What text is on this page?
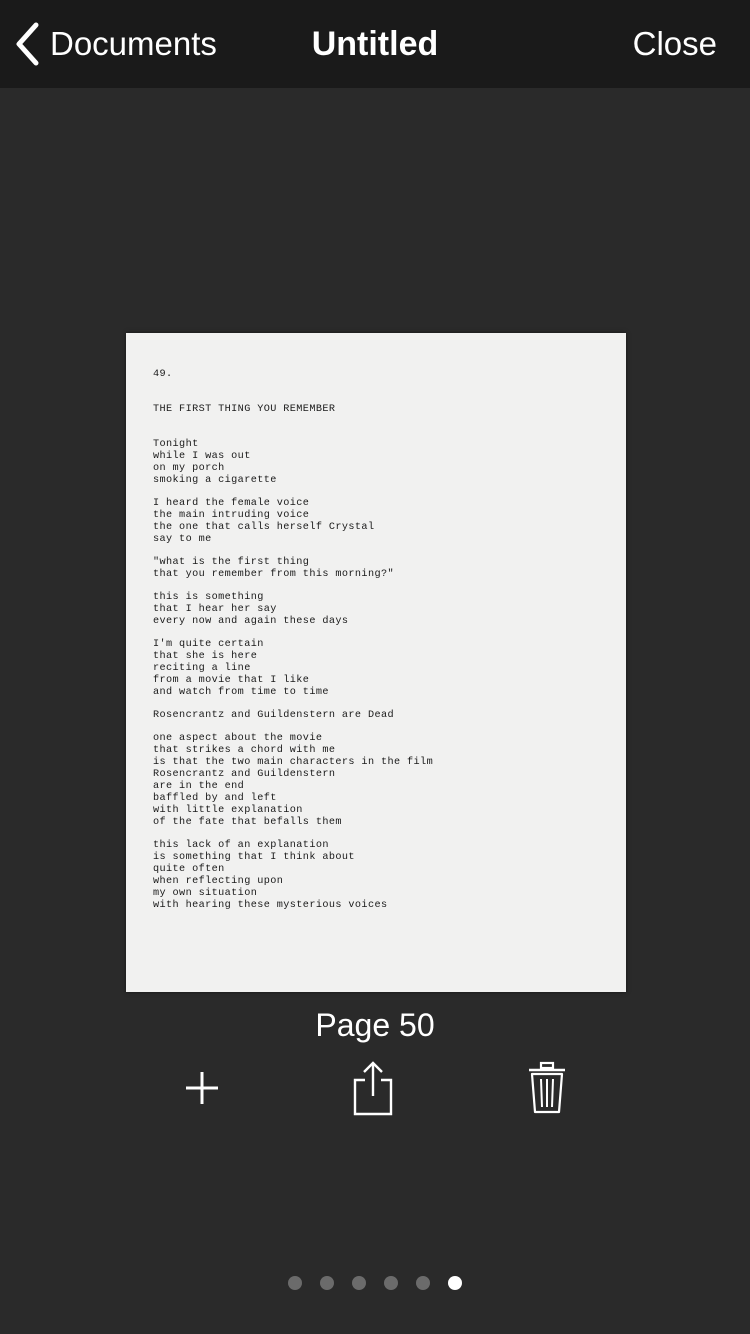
Documents	Untitled	Close
49.
THE FIRST THING YOU REMEMBER
Tonight
while I was out
on my porch
smoking a cigarette
I heard the female voice
the main intruding voice
the one that calls herself Crystal
say to me
"what is the first thing
that you remember from this morning?"
this is something
that I hear her say
every now and again these days
I'm quite certain
that she is here
reciting a line
from a movie that I like
and watch from time to time
Rosencrantz and Guildenstern are Dead
one aspect about the movie
that strikes a chord with me
is that the two main characters in the film
Rosencrantz and Guildenstern
are in the end
baffled by and left
with little explanation
of the fate that befalls them
this lack of an explanation
is something that I think about
quite often
when reflecting upon
my own situation
with hearing these mysterious voices
Page 50
